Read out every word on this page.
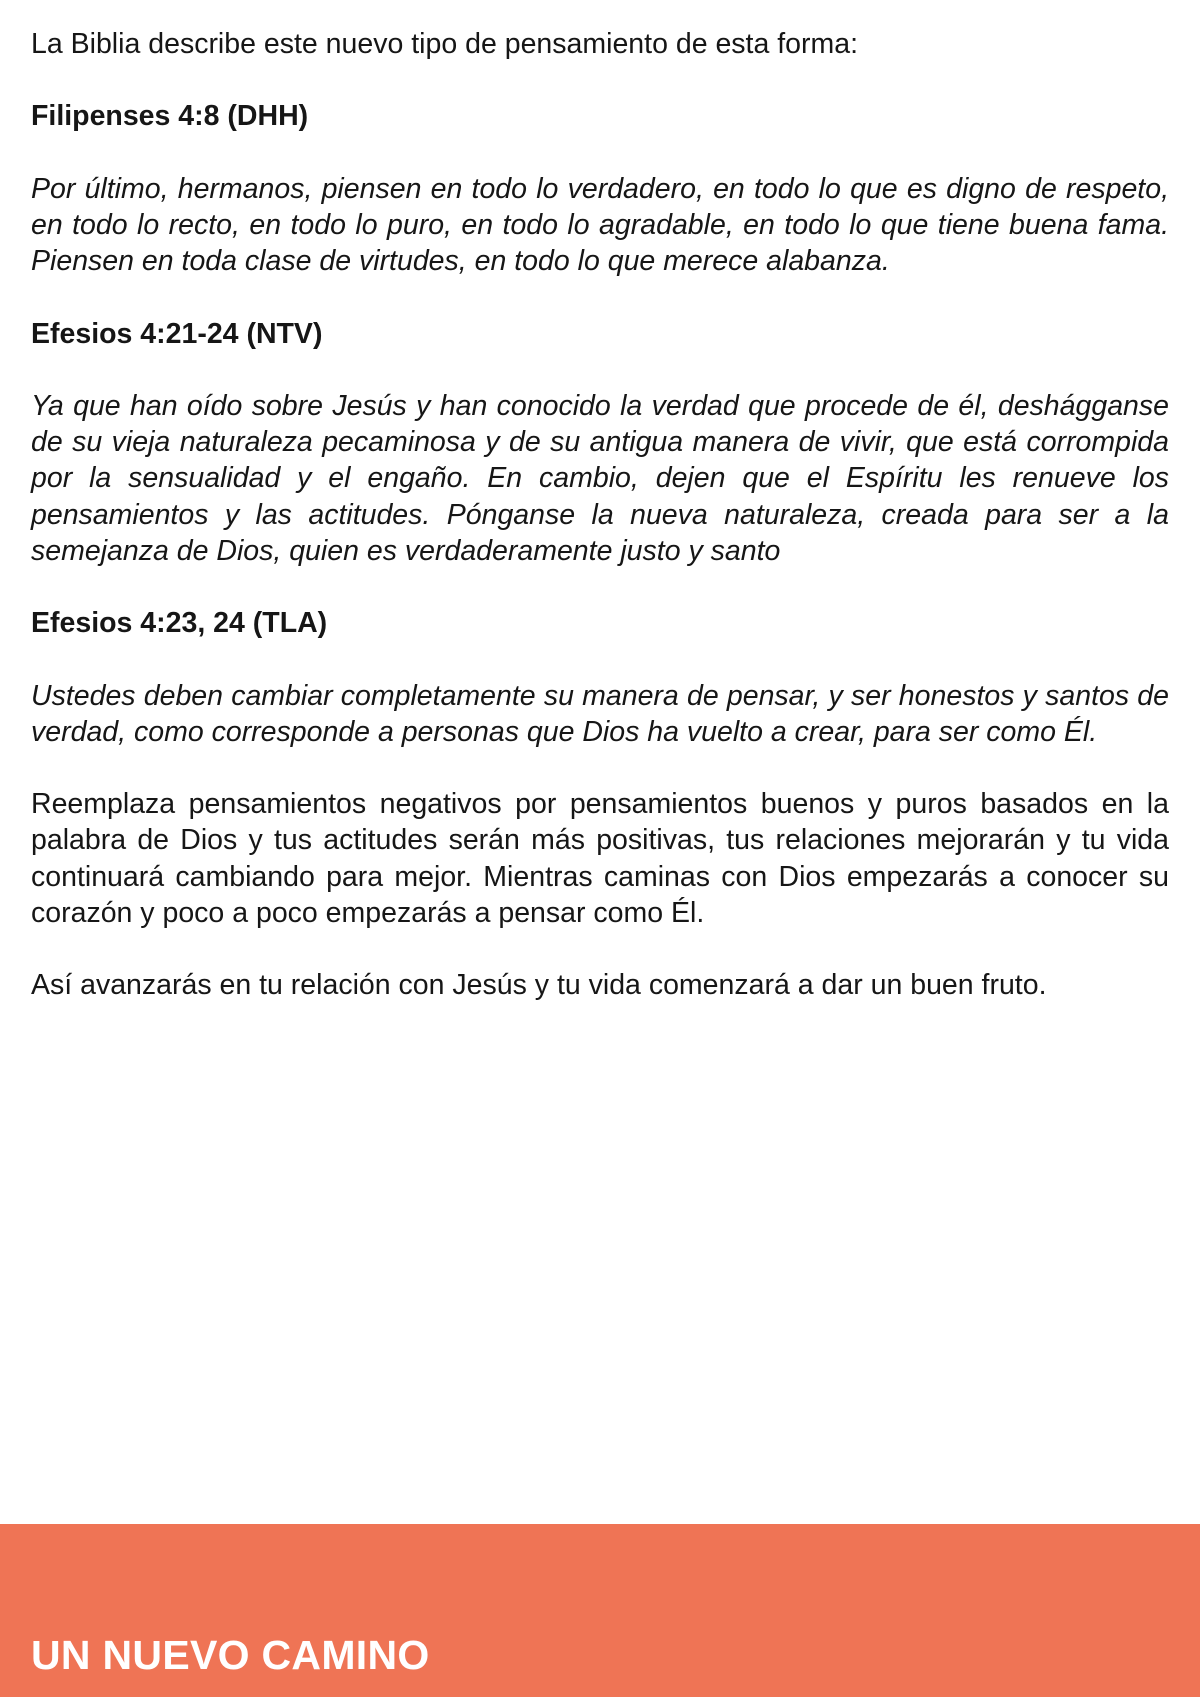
La Biblia describe este nuevo tipo de pensamiento de esta forma:

Filipenses 4:8 (DHH)

Por último, hermanos, piensen en todo lo verdadero, en todo lo que es digno de respeto, en todo lo recto, en todo lo puro, en todo lo agradable, en todo lo que tiene buena fama. Piensen en toda clase de virtudes, en todo lo que merece alabanza.

Efesios 4:21-24 (NTV)

Ya que han oído sobre Jesús y han conocido la verdad que procede de él, deshágganse de su vieja naturaleza pecaminosa y de su antigua manera de vivir, que está corrompida por la sensualidad y el engaño. En cambio, dejen que el Espíritu les renueve los pensamientos y las actitudes. Pónganse la nueva naturaleza, creada para ser a la semejanza de Dios, quien es verdaderamente justo y santo

Efesios 4:23, 24 (TLA)

Ustedes deben cambiar completamente su manera de pensar, y ser honestos y santos de verdad, como corresponde a personas que Dios ha vuelto a crear, para ser como Él.

Reemplaza pensamientos negativos por pensamientos buenos y puros basados en la palabra de Dios y tus actitudes serán más positivas, tus relaciones mejorarán y tu vida continuará cambiando para mejor. Mientras caminas con Dios empezarás a conocer su corazón y poco a poco empezarás a pensar como Él.

Así avanzarás en tu relación con Jesús y tu vida comenzará a dar un buen fruto.

UN NUEVO CAMINO
